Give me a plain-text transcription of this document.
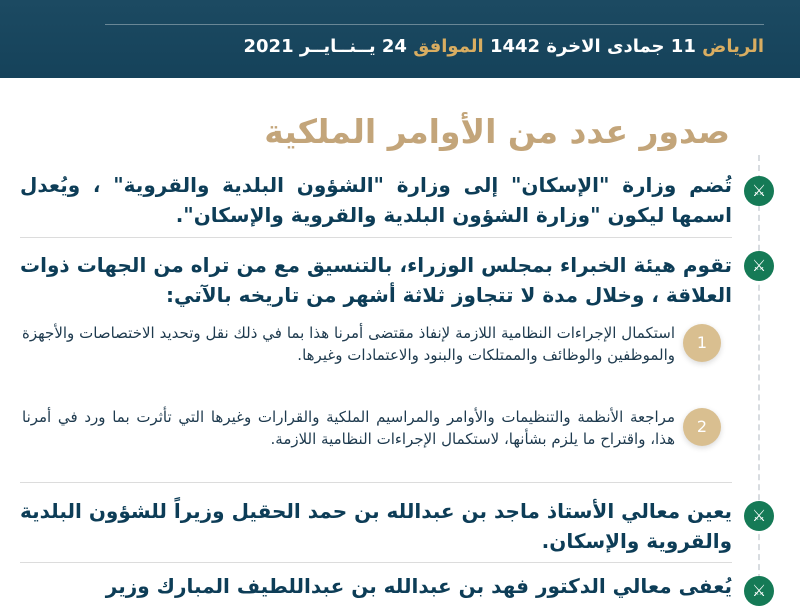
الرياض 11 جمادى الاخرة 1442 الموافق 24 يــنــايــر 2021
صدور عدد من الأوامر الملكية
⚔
تُضم وزارة "الإسكان" إلى وزارة "الشؤون البلدية والقروية" ، ويُعدل اسمها ليكون "وزارة الشؤون البلدية والقروية والإسكان".
⚔
تقوم هيئة الخبراء بمجلس الوزراء، بالتنسيق مع من تراه من الجهات ذوات العلاقة ، وخلال مدة لا تتجاوز ثلاثة أشهر من تاريخه بالآتي:
1
استكمال الإجراءات النظامية اللازمة لإنفاذ مقتضى أمرنا هذا بما في ذلك نقل وتحديد الاختصاصات والأجهزة والموظفين والوظائف والممتلكات والبنود والاعتمادات وغيرها.
2
مراجعة الأنظمة والتنظيمات والأوامر والمراسيم الملكية والقرارات وغيرها التي تأثرت بما ورد في أمرنا هذا، واقتراح ما يلزم بشأنها، لاستكمال الإجراءات النظامية اللازمة.
⚔
يعين معالي الأستاذ ماجد بن عبدالله بن حمد الحقيل وزيراً للشؤون البلدية والقروية والإسكان.
⚔
يُعفى معالي الدكتور فهد بن عبدالله بن عبداللطيف المبارك وزير
